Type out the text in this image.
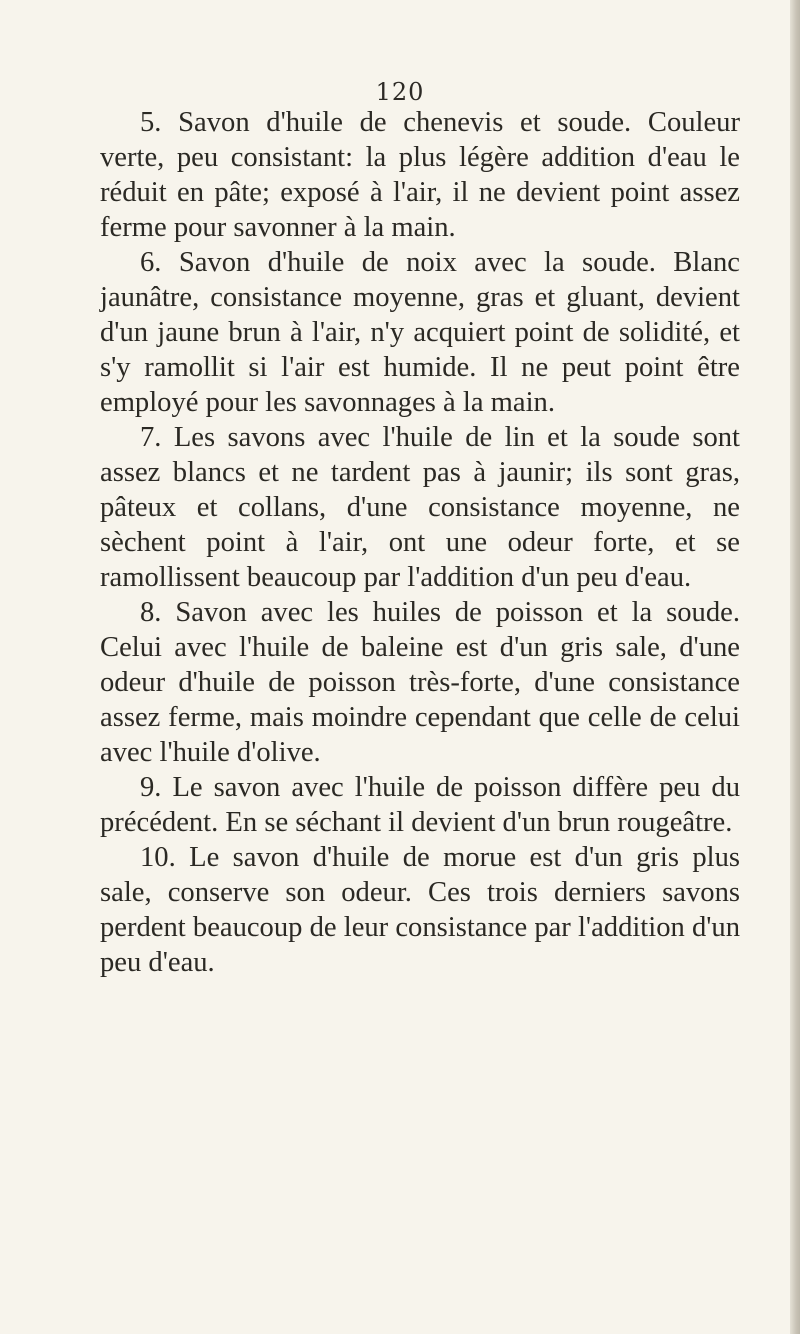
120

5. Savon d'huile de chenevis et soude. Couleur verte, peu consistant: la plus légère addition d'eau le réduit en pâte; exposé à l'air, il ne devient point assez ferme pour savonner à la main.

6. Savon d'huile de noix avec la soude. Blanc jaunâtre, consistance moyenne, gras et gluant, devient d'un jaune brun à l'air, n'y acquiert point de solidité, et s'y ramollit si l'air est humide. Il ne peut point être employé pour les savonnages à la main.

7. Les savons avec l'huile de lin et la soude sont assez blancs et ne tardent pas à jaunir; ils sont gras, pâteux et collans, d'une consistance moyenne, ne sèchent point à l'air, ont une odeur forte, et se ramollissent beaucoup par l'addition d'un peu d'eau.

8. Savon avec les huiles de poisson et la soude. Celui avec l'huile de baleine est d'un gris sale, d'une odeur d'huile de poisson très-forte, d'une consistance assez ferme, mais moindre cependant que celle de celui avec l'huile d'olive.

9. Le savon avec l'huile de poisson diffère peu du précédent. En se séchant il devient d'un brun rougeâtre.

10. Le savon d'huile de morue est d'un gris plus sale, conserve son odeur. Ces trois derniers savons perdent beaucoup de leur consistance par l'addition d'un peu d'eau.
